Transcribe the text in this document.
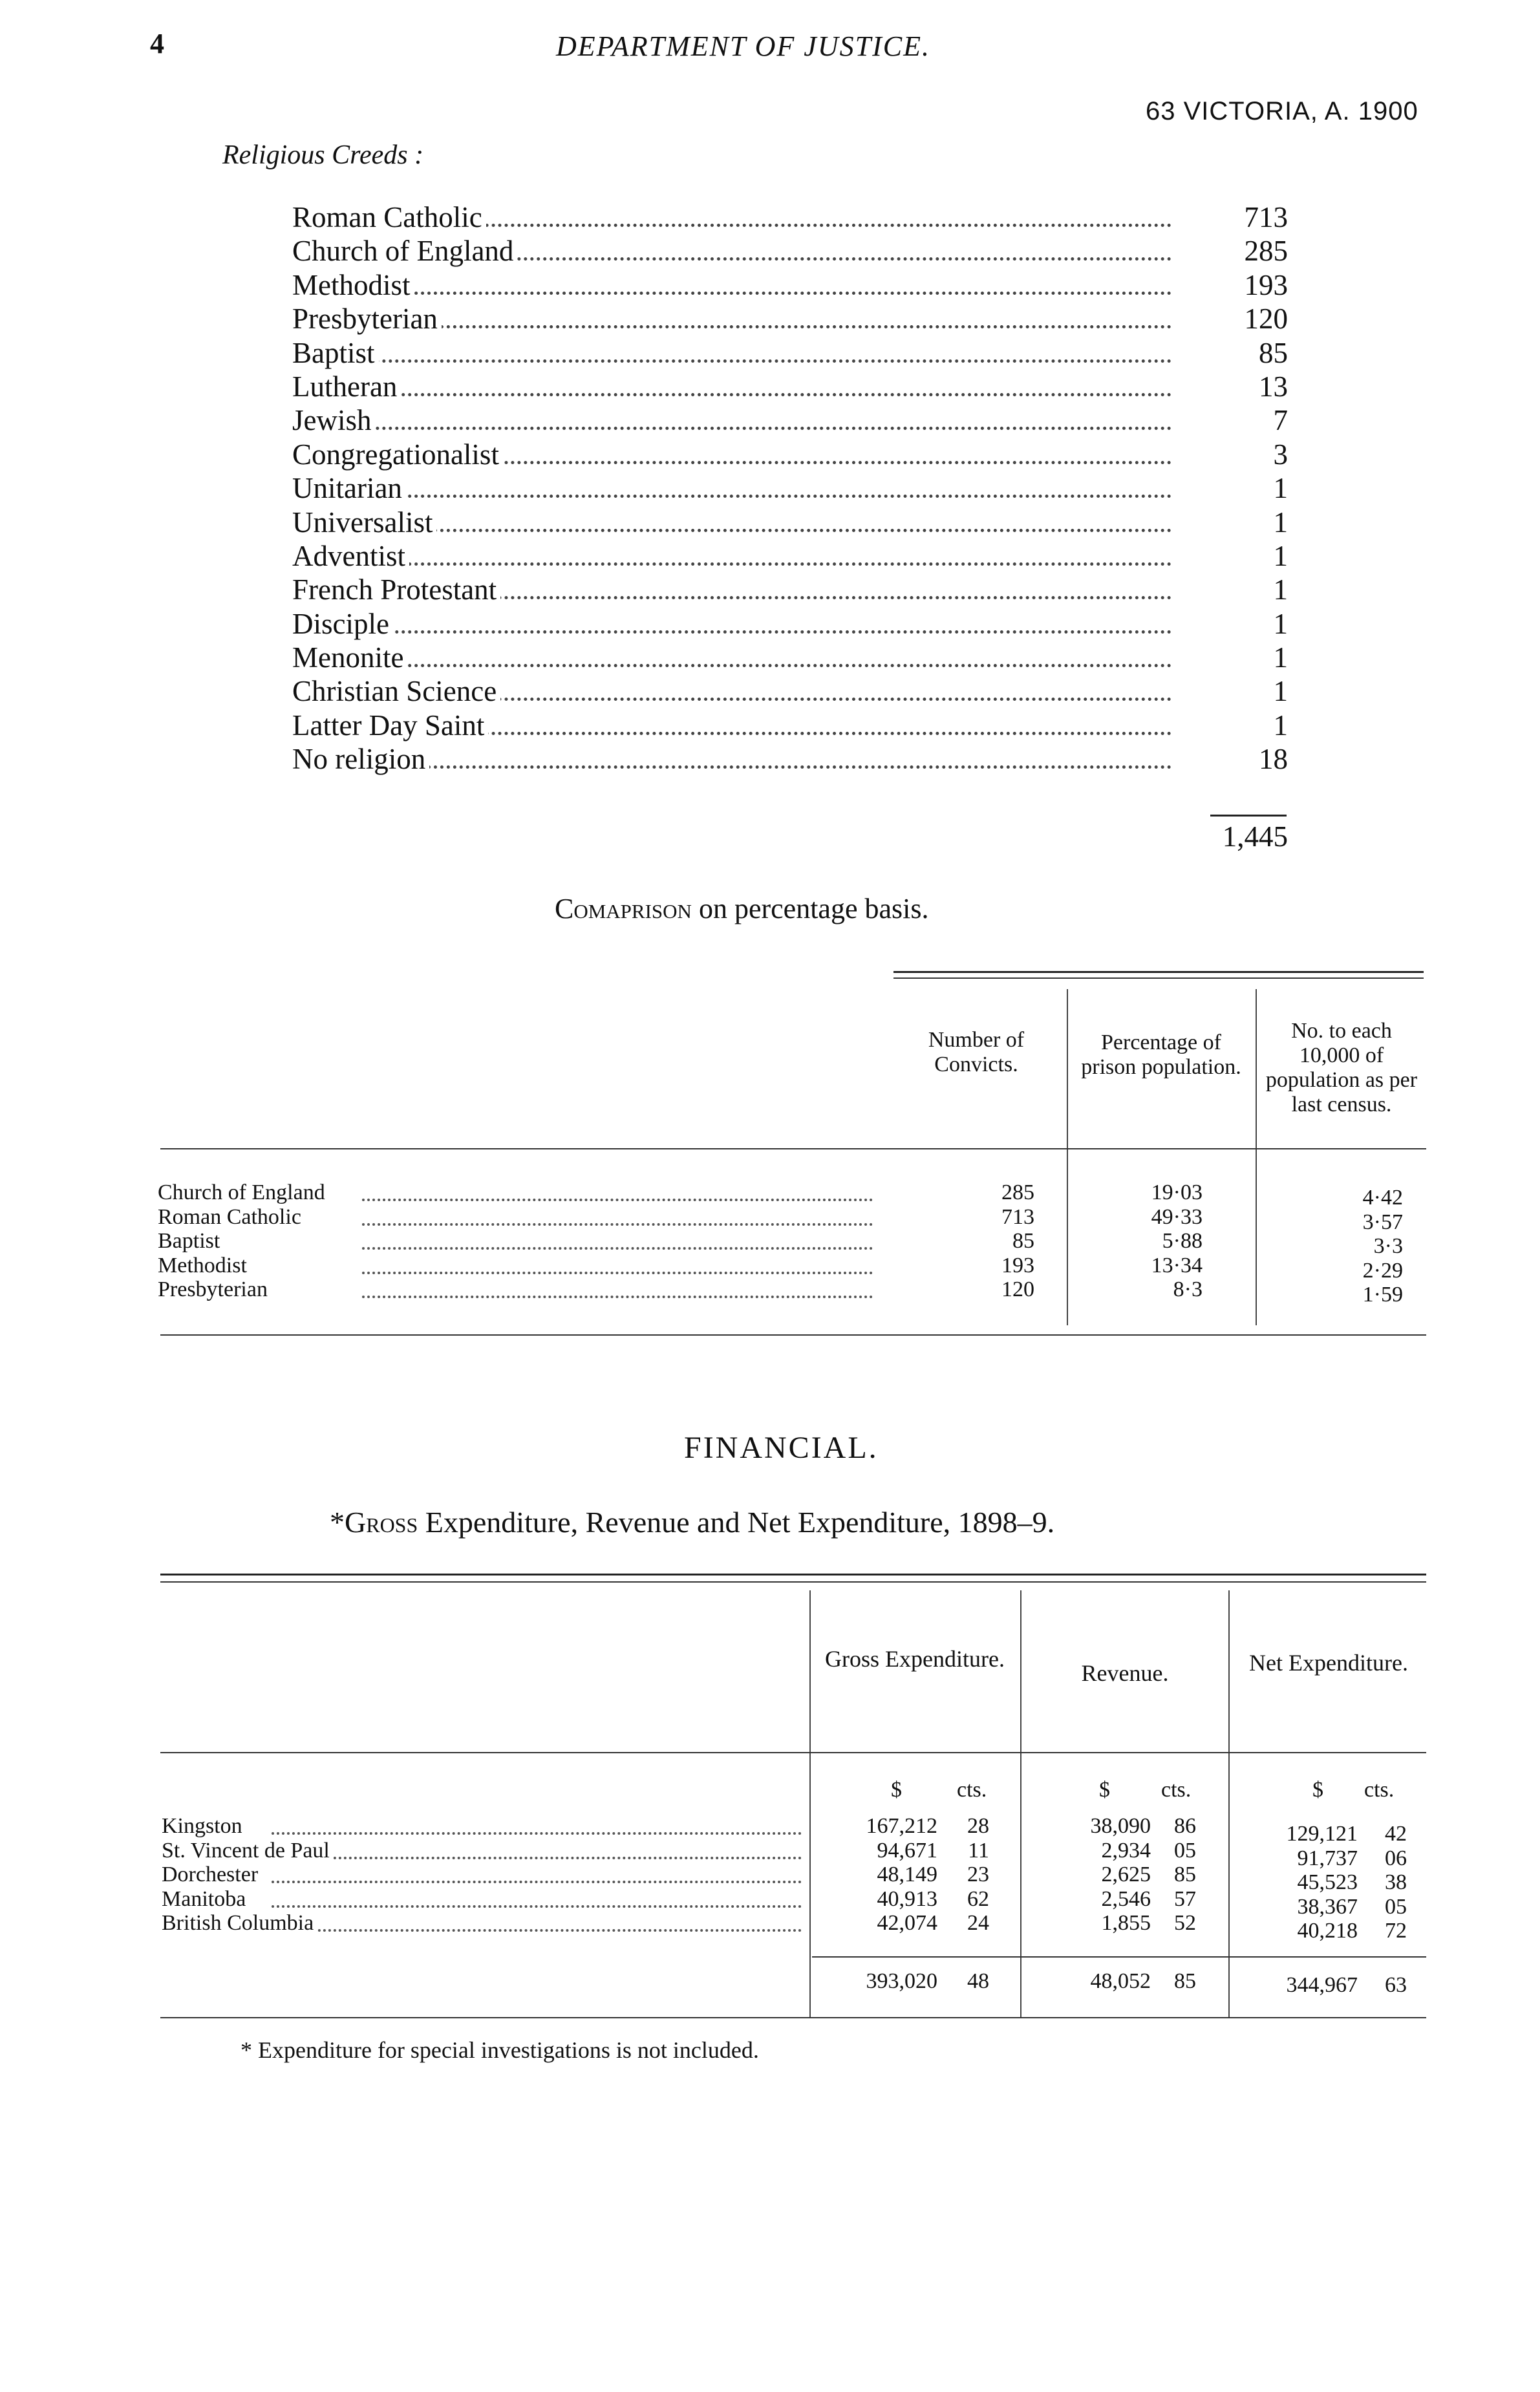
4	DEPARTMENT OF JUSTICE.
63 VICTORIA, A. 1900
Religious Creeds :
Roman Catholic	713
Church of England	285
Methodist	193
Presbyterian	120
Baptist	85
Lutheran	13
Jewish	7
Congregationalist	3
Unitarian	1
Universalist	1
Adventist	1
French Protestant	1
Disciple	1
Menonite	1
Christian Science	1
Latter Day Saint	1
No religion	18
1,445
Comaprison on percentage basis.
Number of Convicts.
Percentage of prison population.
No. to each 10,000 of population as per last census.
Church of England	285	19·03	4·42
Roman Catholic	713	49·33	3·57
Baptist	85	5·88	3·3
Methodist	193	13·34	2·29
Presbyterian	120	8·3	1·59
FINANCIAL.
*Gross Expenditure, Revenue and Net Expenditure, 1898–9.
Gross Expenditure.
Revenue.	Net Expenditure.
$	cts.	$ cts.	$ cts.
Kingston	167,212	28	38,090	86	129,121	42
St. Vincent de Paul	94,671	11	2,934	05	91,737	06
Dorchester	48,149	23	2,625	85	45,523	38
Manitoba	40,913	62	2,546	57	38,367	05
British Columbia	42,074	24	1,855	52	40,218	72
393,020	48	48,052	85	344,967	63
* Expenditure for special investigations is not included.
